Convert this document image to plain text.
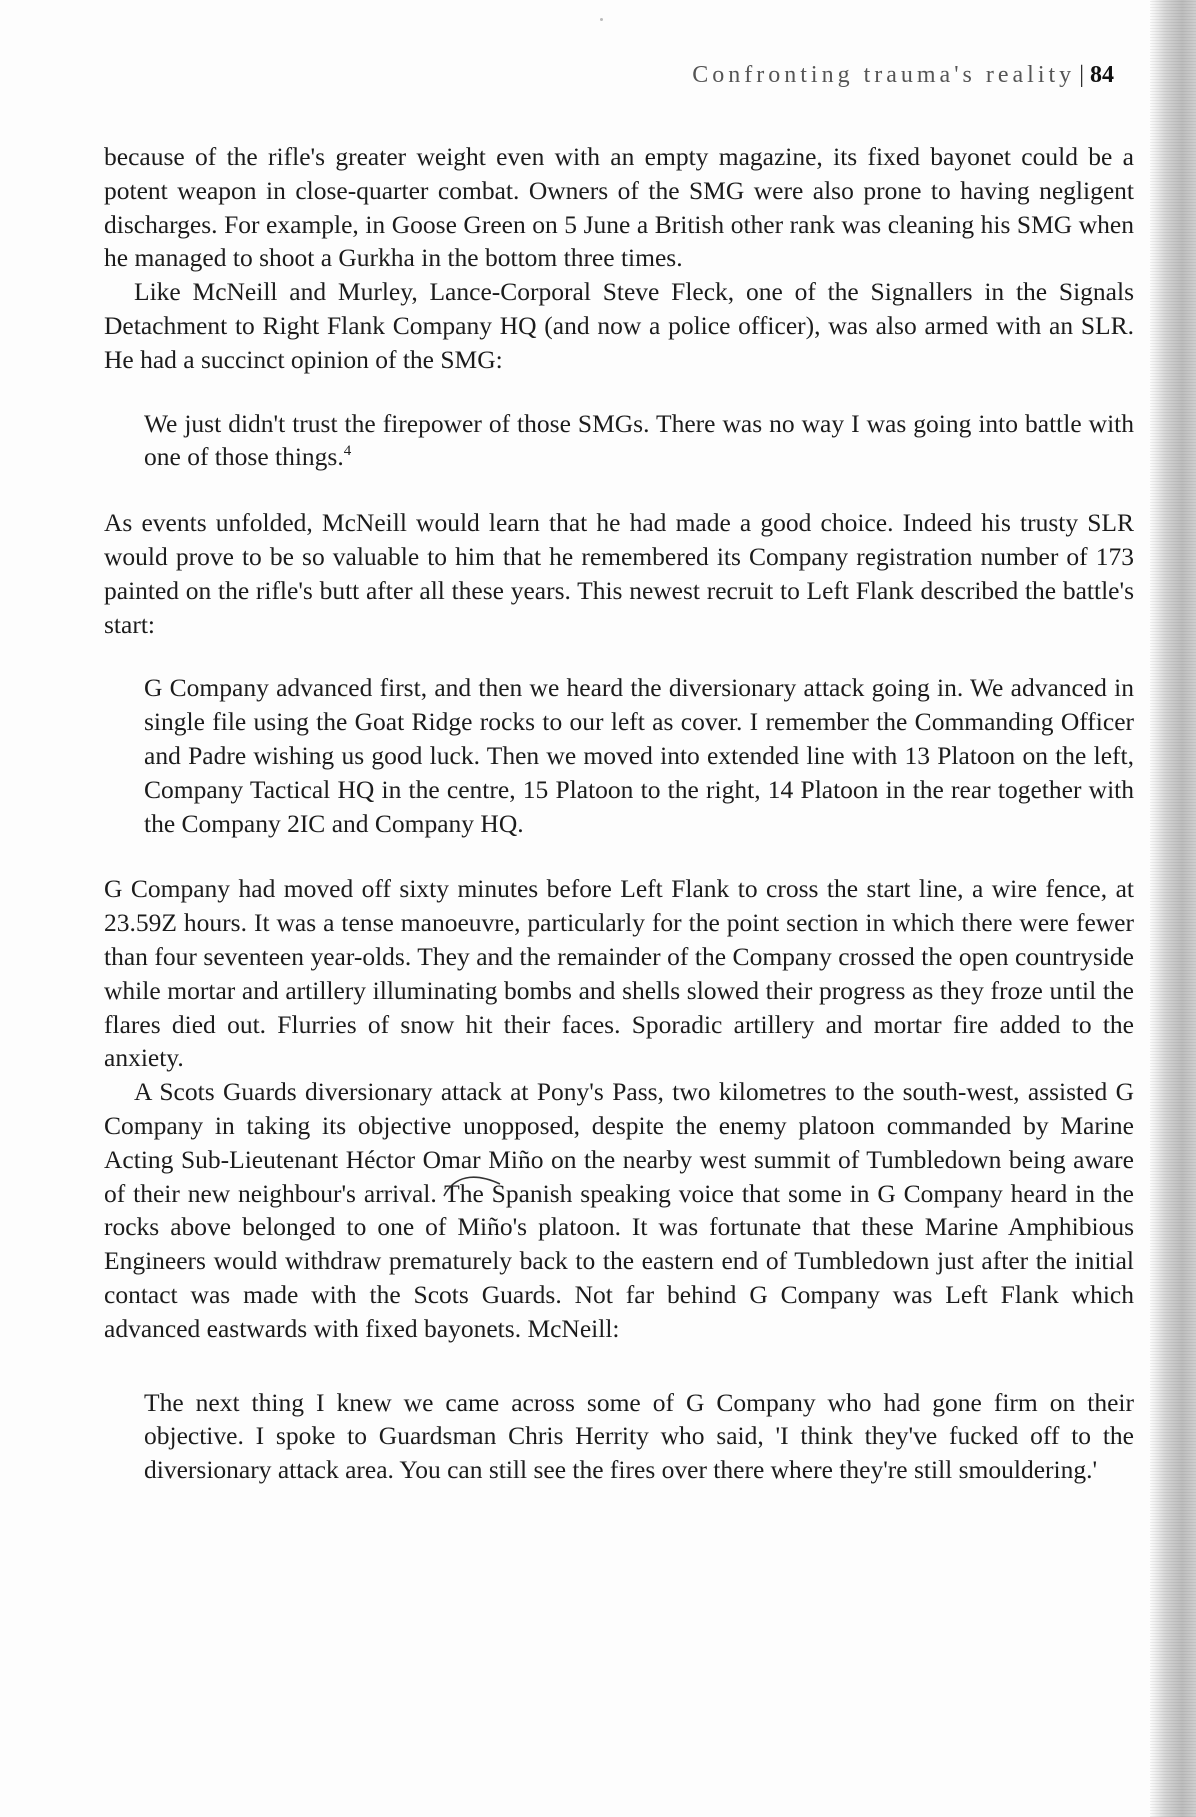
Confronting trauma's reality | 84

because of the rifle's greater weight even with an empty magazine, its fixed bayonet could be a potent weapon in close-quarter combat. Owners of the SMG were also prone to having negligent discharges. For example, in Goose Green on 5 June a British other rank was cleaning his SMG when he managed to shoot a Gurkha in the bottom three times.

Like McNeill and Murley, Lance-Corporal Steve Fleck, one of the Signallers in the Signals Detachment to Right Flank Company HQ (and now a police officer), was also armed with an SLR. He had a succinct opinion of the SMG:

We just didn't trust the firepower of those SMGs. There was no way I was going into battle with one of those things.$^4$

As events unfolded, McNeill would learn that he had made a good choice. Indeed his trusty SLR would prove to be so valuable to him that he remembered its Company registration number of 173 painted on the rifle's butt after all these years. This newest recruit to Left Flank described the battle's start:

G Company advanced first, and then we heard the diversionary attack going in. We advanced in single file using the Goat Ridge rocks to our left as cover. I remember the Commanding Officer and Padre wishing us good luck. Then we moved into extended line with 13 Platoon on the left, Company Tactical HQ in the centre, 15 Platoon to the right, 14 Platoon in the rear together with the Company 2IC and Company HQ.

G Company had moved off sixty minutes before Left Flank to cross the start line, a wire fence, at 23.59Z hours. It was a tense manoeuvre, particularly for the point section in which there were fewer than four seventeen year-olds. They and the remainder of the Company crossed the open countryside while mortar and artillery illuminating bombs and shells slowed their progress as they froze until the flares died out. Flurries of snow hit their faces. Sporadic artillery and mortar fire added to the anxiety.

A Scots Guards diversionary attack at Pony's Pass, two kilometres to the south-west, assisted G Company in taking its objective unopposed, despite the enemy platoon commanded by Marine Acting Sub-Lieutenant Héctor Omar Miño on the nearby west summit of Tumbledown being aware of their new neighbour's arrival. The Spanish speaking voice that some in G Company heard in the rocks above belonged to one of Miño's platoon. It was fortunate that these Marine Amphibious Engineers would withdraw prematurely back to the eastern end of Tumbledown just after the initial contact was made with the Scots Guards. Not far behind G Company was Left Flank which advanced eastwards with fixed bayonets. McNeill:

The next thing I knew we came across some of G Company who had gone firm on their objective. I spoke to Guardsman Chris Herrity who said, 'I think they've fucked off to the diversionary attack area. You can still see the fires over there where they're still smouldering.'
